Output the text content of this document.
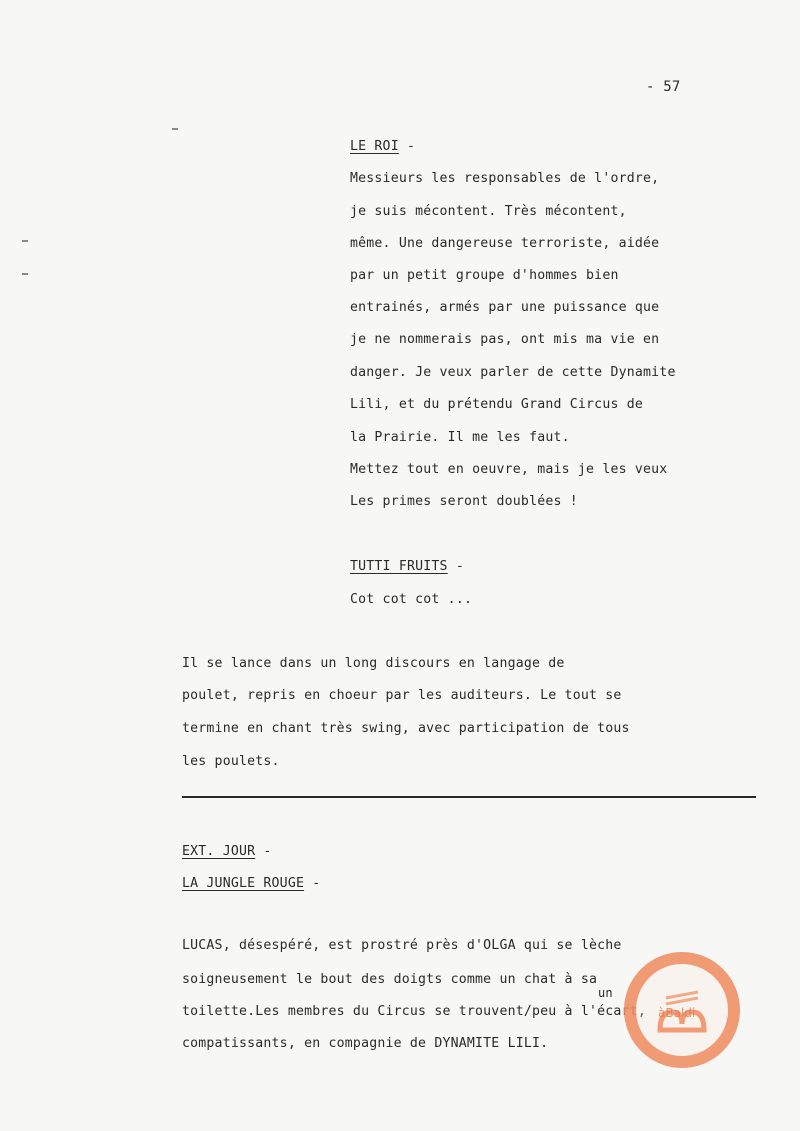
- 57
LE ROI -
Messieurs les responsables de l'ordre,
je suis mécontent. Très mécontent,
même. Une dangereuse terroriste, aidée
par un petit groupe d'hommes bien
entrainés, armés par une puissance que
je ne nommerais pas, ont mis ma vie en
danger. Je veux parler de cette Dynamite
Lili, et du prétendu Grand Circus de
la Prairie. Il me les faut.
Mettez tout en oeuvre, mais je les veux
Les primes seront doublées !
TUTTI FRUITS -
Cot cot cot ...
Il se lance dans un long discours en langage de
poulet, repris en choeur par les auditeurs. Le tout se
termine en chant très swing, avec participation de tous
les poulets.
EXT. JOUR -
LA JUNGLE ROUGE -
LUCAS, désespéré, est prostré près d'OLGA qui se lèche
soigneusement le bout des doigts comme un chat à sa
un
toilette.Les membres du Circus se trouvent/peu à l'écart,
compatissants, en compagnie de DYNAMITE LILI.
àBaldi
